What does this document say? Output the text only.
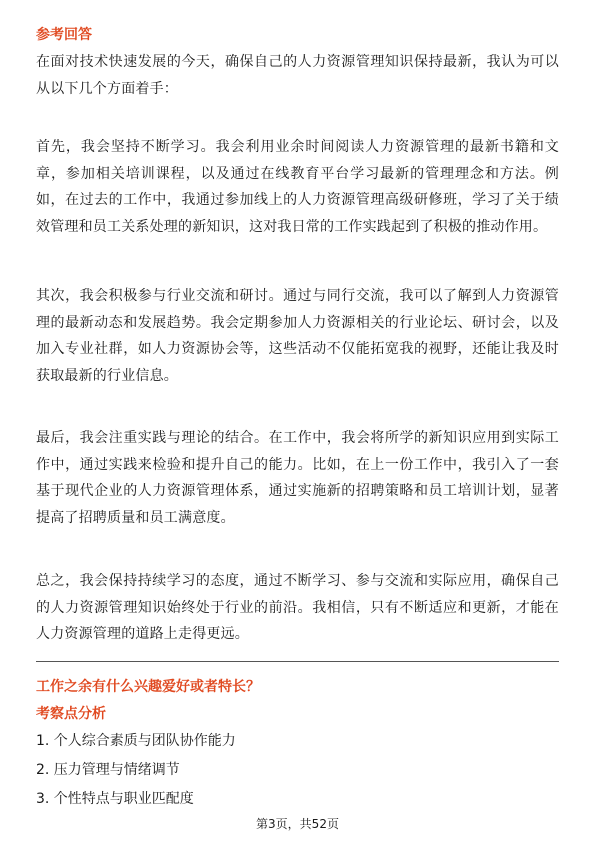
参考回答

在面对技术快速发展的今天，确保自己的人力资源管理知识保持最新，我认为可以从以下几个方面着手：

首先，我会坚持不断学习。我会利用业余时间阅读人力资源管理的最新书籍和文章，参加相关培训课程，以及通过在线教育平台学习最新的管理理念和方法。例如，在过去的工作中，我通过参加线上的人力资源管理高级研修班，学习了关于绩效管理和员工关系处理的新知识，这对我日常的工作实践起到了积极的推动作用。

其次，我会积极参与行业交流和研讨。通过与同行交流，我可以了解到人力资源管理的最新动态和发展趋势。我会定期参加人力资源相关的行业论坛、研讨会，以及加入专业社群，如人力资源协会等，这些活动不仅能拓宽我的视野，还能让我及时获取最新的行业信息。

最后，我会注重实践与理论的结合。在工作中，我会将所学的新知识应用到实际工作中，通过实践来检验和提升自己的能力。比如，在上一份工作中，我引入了一套基于现代企业的人力资源管理体系，通过实施新的招聘策略和员工培训计划，显著提高了招聘质量和员工满意度。

总之，我会保持持续学习的态度，通过不断学习、参与交流和实际应用，确保自己的人力资源管理知识始终处于行业的前沿。我相信，只有不断适应和更新，才能在人力资源管理的道路上走得更远。

工作之余有什么兴趣爱好或者特长？
考察点分析

1. 个人综合素质与团队协作能力

2. 压力管理与情绪调节

3. 个性特点与职业匹配度

第3页，共52页
